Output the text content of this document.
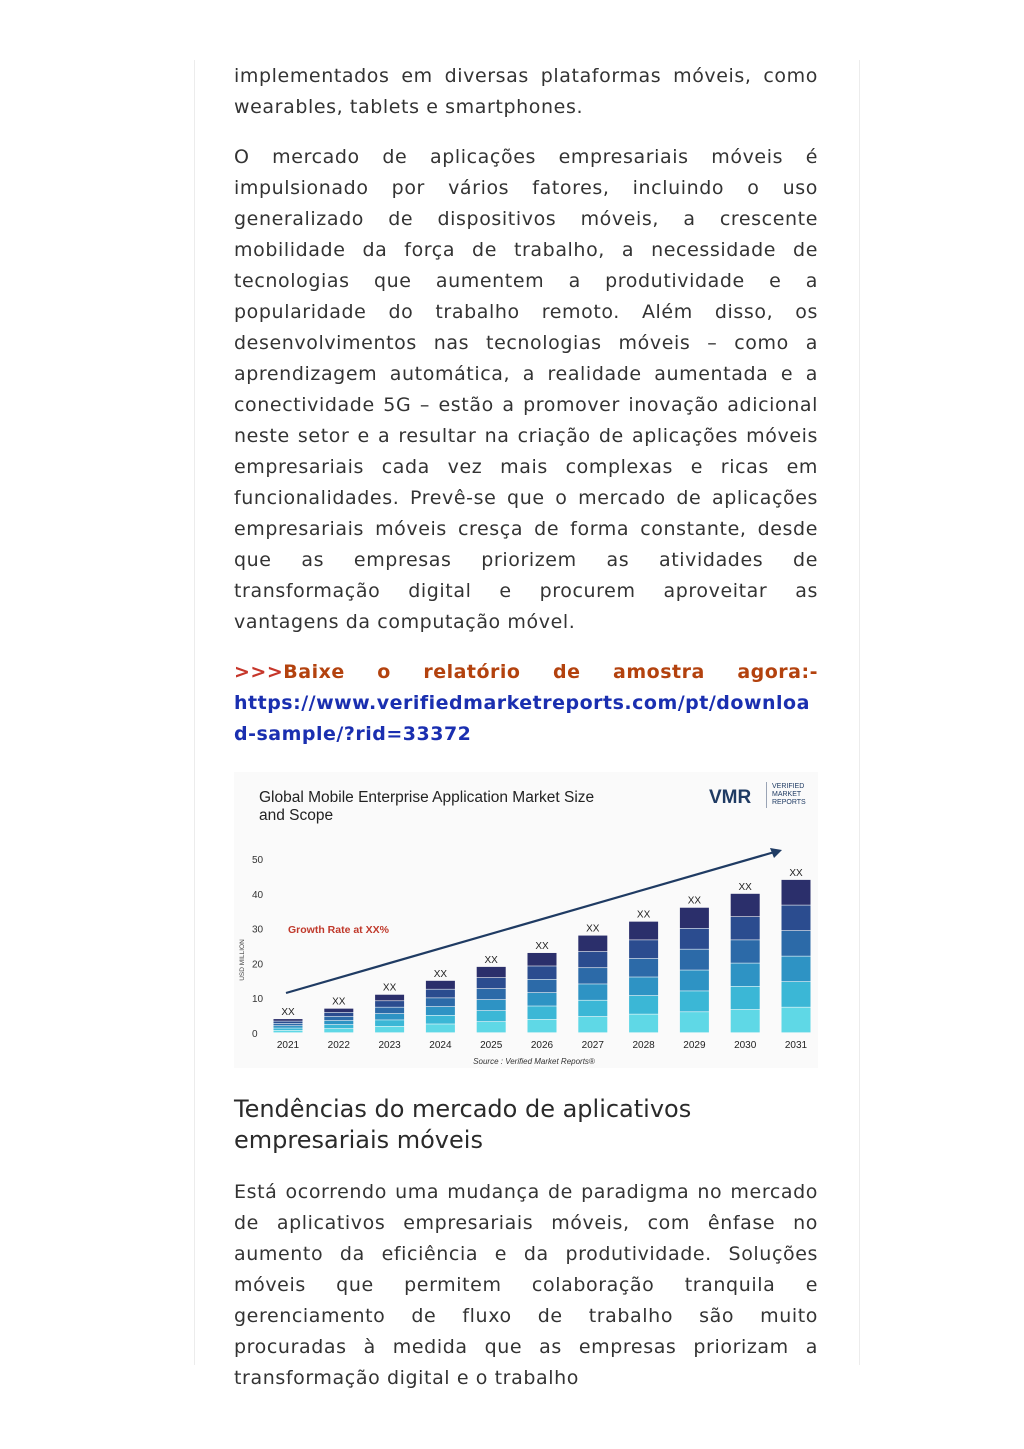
implementados em diversas plataformas móveis, como wearables, tablets e smartphones.

O mercado de aplicações empresariais móveis é impulsionado por vários fatores, incluindo o uso generalizado de dispositivos móveis, a crescente mobilidade da força de trabalho, a necessidade de tecnologias que aumentem a produtividade e a popularidade do trabalho remoto. Além disso, os desenvolvimentos nas tecnologias móveis – como a aprendizagem automática, a realidade aumentada e a conectividade 5G – estão a promover inovação adicional neste setor e a resultar na criação de aplicações móveis empresariais cada vez mais complexas e ricas em funcionalidades. Prevê-se que o mercado de aplicações empresariais móveis cresça de forma constante, desde que as empresas priorizem as atividades de transformação digital e procurem aproveitar as vantagens da computação móvel.

>>>Baixe o relatório de amostra agora:-
https://www.verifiedmarketreports.com/pt/download-sample/?rid=33372
Global Mobile Enterprise Application Market Size
and Scope
VMR
VERIFIED
MARKET
REPORTS
0
10
20
30
40
50
USD MILLION
XX
XX
XX
XX
XX
XX
XX
XX
XX
XX
XX
Growth Rate at XX%
2021	2022	2023	2024	2025	2026	2027	2028	2029	2030	2031
Source : Verified Market Reports®
Tendências do mercado de aplicativos empresariais móveis

Está ocorrendo uma mudança de paradigma no mercado de aplicativos empresariais móveis, com ênfase no aumento da eficiência e da produtividade. Soluções móveis que permitem colaboração tranquila e gerenciamento de fluxo de trabalho são muito procuradas à medida que as empresas priorizam a transformação digital e o trabalho
